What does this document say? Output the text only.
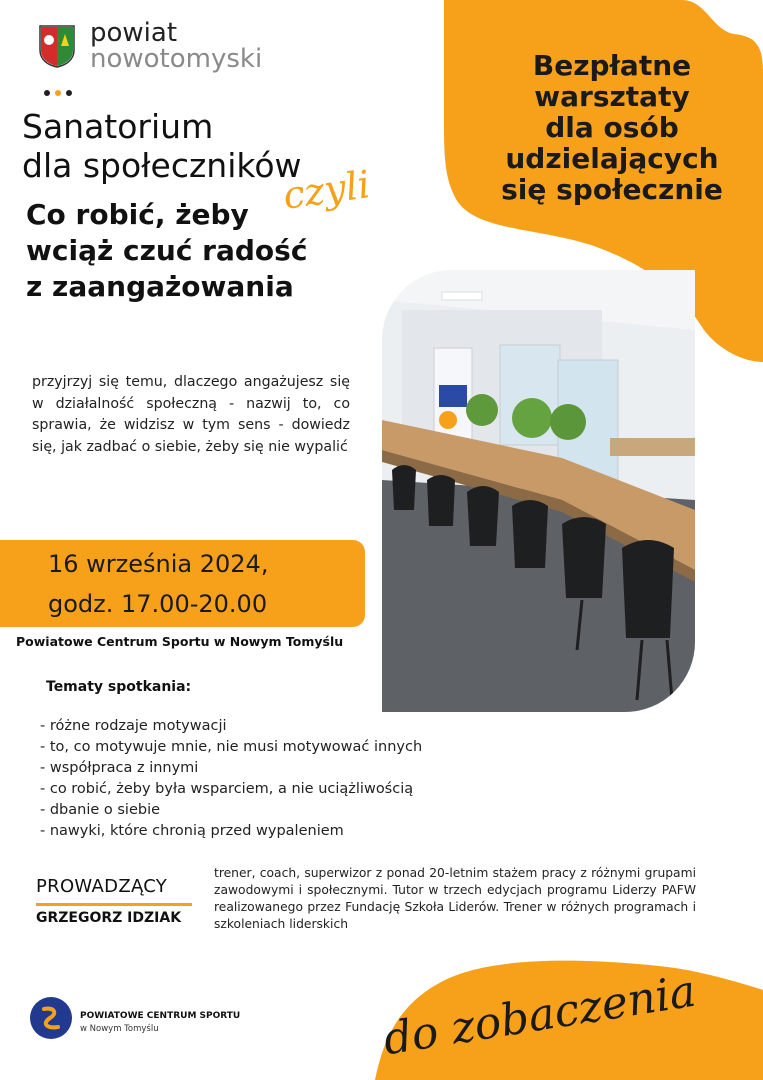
powiat
nowotomyski	Bezpłatne
warsztaty
dla osób
udzielających
się społecznie
Sanatorium
dla społeczników
czyli
Co robić, żeby
wciąż czuć radość
z zaangażowania
przyjrzyj się temu, dlaczego angażujesz się w działalność społeczną - nazwij to, co sprawia, że widzisz w tym sens - dowiedz się, jak zadbać o siebie, żeby się nie wypalić
16 września 2024,
godz. 17.00-20.00
Powiatowe Centrum Sportu w Nowym Tomyślu
Tematy spotkania:
- różne rodzaje motywacji
- to, co motywuje mnie, nie musi motywować innych
- współpraca z innymi
- co robić, żeby była wsparciem, a nie uciążliwością
- dbanie o siebie
- nawyki, które chronią przed wypaleniem
PROWADZĄCY
GRZEGORZ IDZIAK
trener, coach, superwizor z ponad 20-letnim stażem pracy z różnymi grupami zawodowymi i społecznymi. Tutor w trzech edycjach programu Liderzy PAFW realizowanego przez Fundację Szkoła Liderów. Trener w różnych programach i szkoleniach liderskich
POWIATOWE CENTRUM SPORTU
w Nowym Tomyślu	do zobaczenia
